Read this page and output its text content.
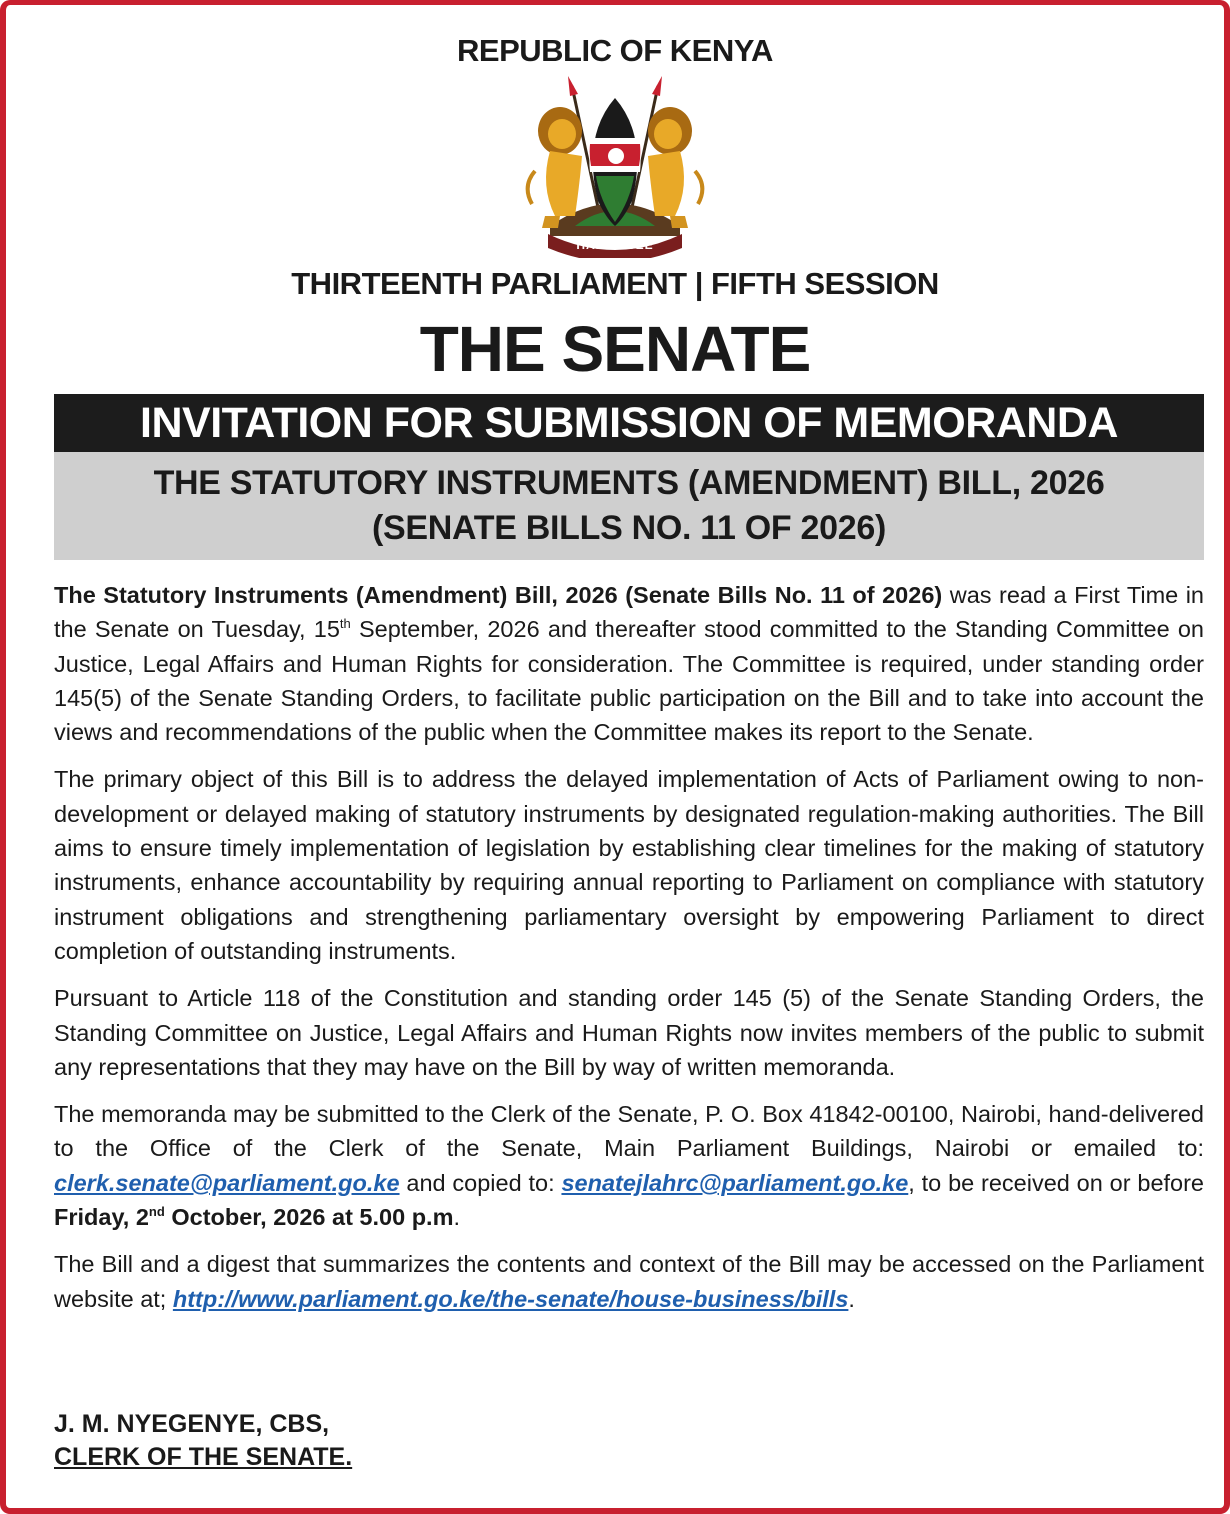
REPUBLIC OF KENYA
HARAMBEE
THIRTEENTH PARLIAMENT | FIFTH SESSION
THE SENATE
INVITATION FOR SUBMISSION OF MEMORANDA
THE STATUTORY INSTRUMENTS (AMENDMENT) BILL, 2026
(SENATE BILLS NO. 11 OF 2026)

The Statutory Instruments (Amendment) Bill, 2026 (Senate Bills No. 11 of 2026) was read a First Time in the Senate on Tuesday, 15th September, 2026 and thereafter stood committed to the Standing Committee on Justice, Legal Affairs and Human Rights for consideration. The Committee is required, under standing order 145(5) of the Senate Standing Orders, to facilitate public participation on the Bill and to take into account the views and recommendations of the public when the Committee makes its report to the Senate.

The primary object of this Bill is to address the delayed implementation of Acts of Parliament owing to non-development or delayed making of statutory instruments by designated regulation-making authorities. The Bill aims to ensure timely implementation of legislation by establishing clear timelines for the making of statutory instruments, enhance accountability by requiring annual reporting to Parliament on compliance with statutory instrument obligations and strengthening parliamentary oversight by empowering Parliament to direct completion of outstanding instruments.

Pursuant to Article 118 of the Constitution and standing order 145 (5) of the Senate Standing Orders, the Standing Committee on Justice, Legal Affairs and Human Rights now invites members of the public to submit any representations that they may have on the Bill by way of written memoranda.

The memoranda may be submitted to the Clerk of the Senate, P. O. Box 41842-00100, Nairobi, hand-delivered to the Office of the Clerk of the Senate, Main Parliament Buildings, Nairobi or emailed to: clerk.senate@parliament.go.ke and copied to: senatejlahrc@parliament.go.ke, to be received on or before Friday, 2nd October, 2026 at 5.00 p.m.

The Bill and a digest that summarizes the contents and context of the Bill may be accessed on the Parliament website at; http://www.parliament.go.ke/the-senate/house-business/bills.

J. M. NYEGENYE, CBS,
CLERK OF THE SENATE.
